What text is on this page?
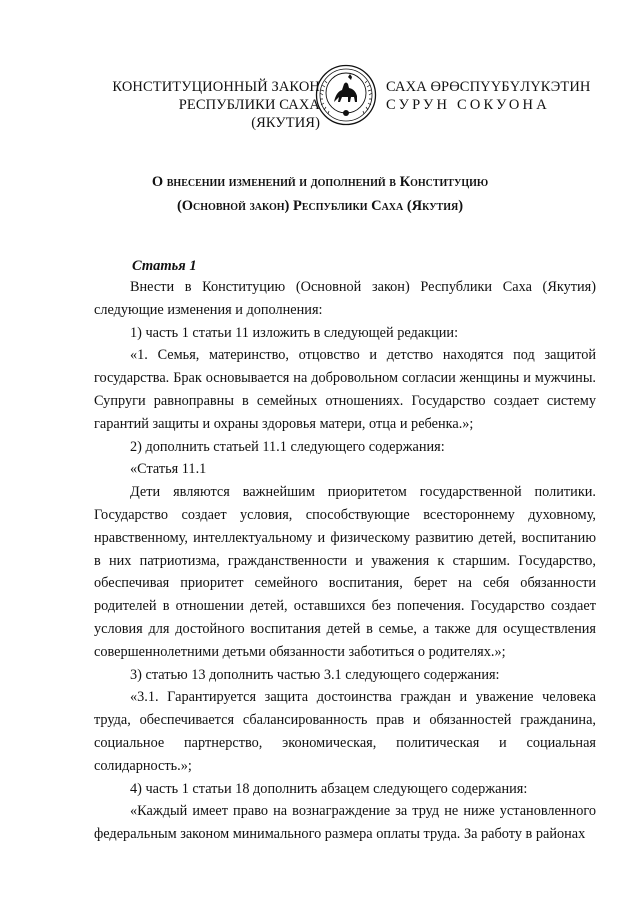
КОНСТИТУЦИОННЫЙ ЗАКОН
РЕСПУБЛИКИ САХА (ЯКУТИЯ)
САХА ӨРӨСПҮҮБҮЛҮКЭТИН
СУРУН СОКУОНА
О внесении изменений и дополнений в Конституцию
(Основной закон) Республики Саха (Якутия)
Статья 1

Внести в Конституцию (Основной закон) Республики Саха (Якутия) следующие изменения и дополнения:

1) часть 1 статьи 11 изложить в следующей редакции:

«1. Семья, материнство, отцовство и детство находятся под защитой государства. Брак основывается на добровольном согласии женщины и мужчины. Супруги равноправны в семейных отношениях. Государство создает систему гарантий защиты и охраны здоровья матери, отца и ребенка.»;

2) дополнить статьей 11.1 следующего содержания:

«Статья 11.1

Дети являются важнейшим приоритетом государственной политики. Государство создает условия, способствующие всестороннему духовному, нравственному, интеллектуальному и физическому развитию детей, воспитанию в них патриотизма, гражданственности и уважения к старшим. Государство, обеспечивая приоритет семейного воспитания, берет на себя обязанности родителей в отношении детей, оставшихся без попечения. Государство создает условия для достойного воспитания детей в семье, а также для осуществления совершеннолетними детьми обязанности заботиться о родителях.»;

3) статью 13 дополнить частью 3.1 следующего содержания:

«3.1. Гарантируется защита достоинства граждан и уважение человека труда, обеспечивается сбалансированность прав и обязанностей гражданина, социальное партнерство, экономическая, политическая и социальная солидарность.»;

4) часть 1 статьи 18 дополнить абзацем следующего содержания:

«Каждый имеет право на вознаграждение за труд не ниже установленного федеральным законом минимального размера оплаты труда. За работу в районах
